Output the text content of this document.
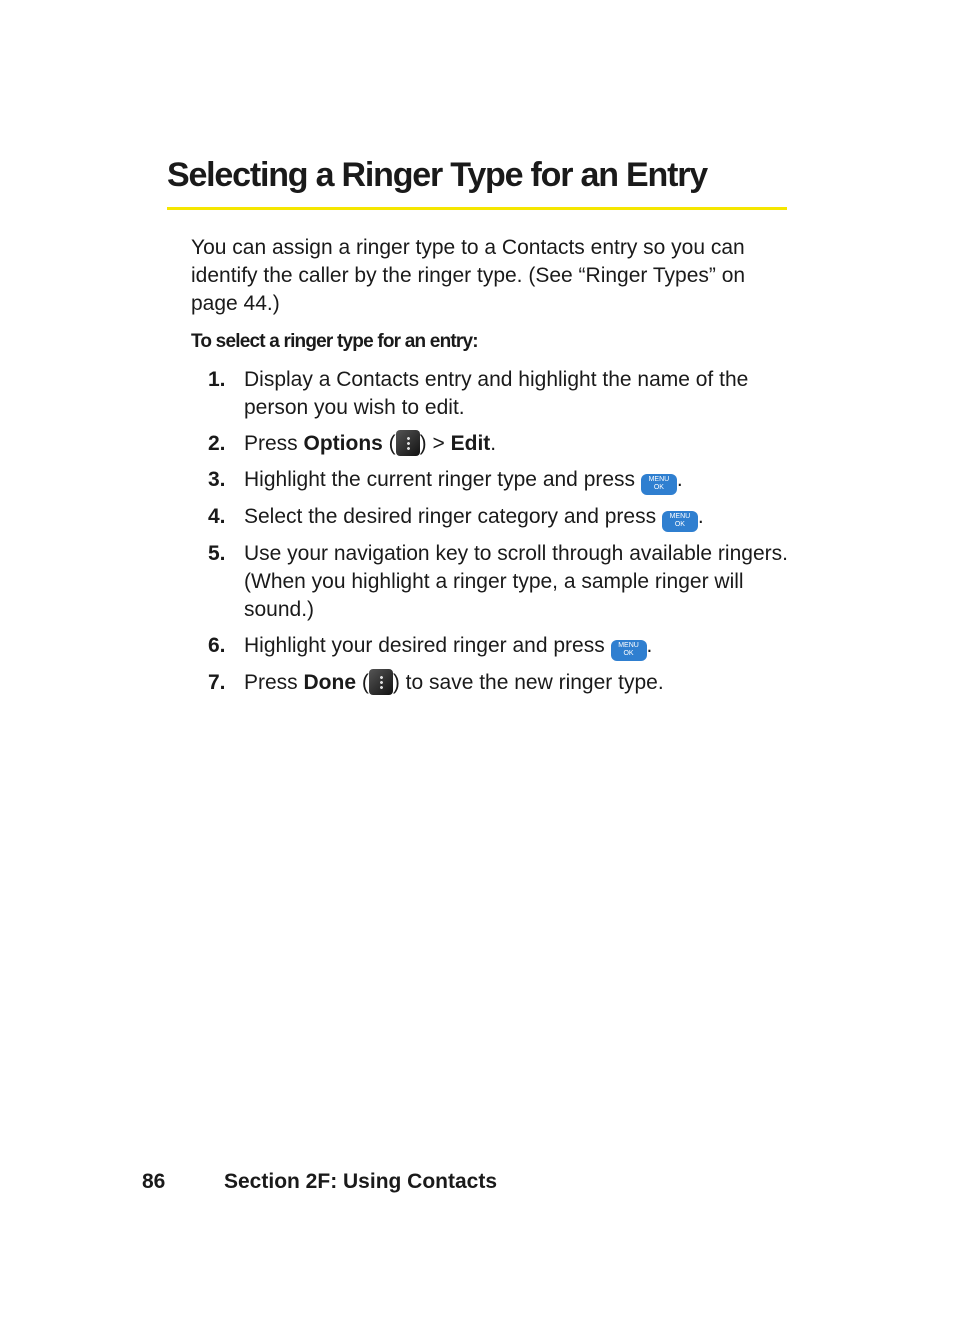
Selecting a Ringer Type for an Entry

You can assign a ringer type to a Contacts entry so you can identify the caller by the ringer type. (See “Ringer Types” on page 44.)

To select a ringer type for an entry:
1. Display a Contacts entry and highlight the name of the person you wish to edit.
2. Press Options ( ) > Edit.
3. Highlight the current ringer type and press MENU
OK .
4. Select the desired ringer category and press MENU
OK .
5. Use your navigation key to scroll through available ringers. (When you highlight a ringer type, a sample ringer will sound.)
6. Highlight your desired ringer and press MENU
OK .
7. Press Done ( ) to save the new ringer type.
86	Section 2F: Using Contacts
